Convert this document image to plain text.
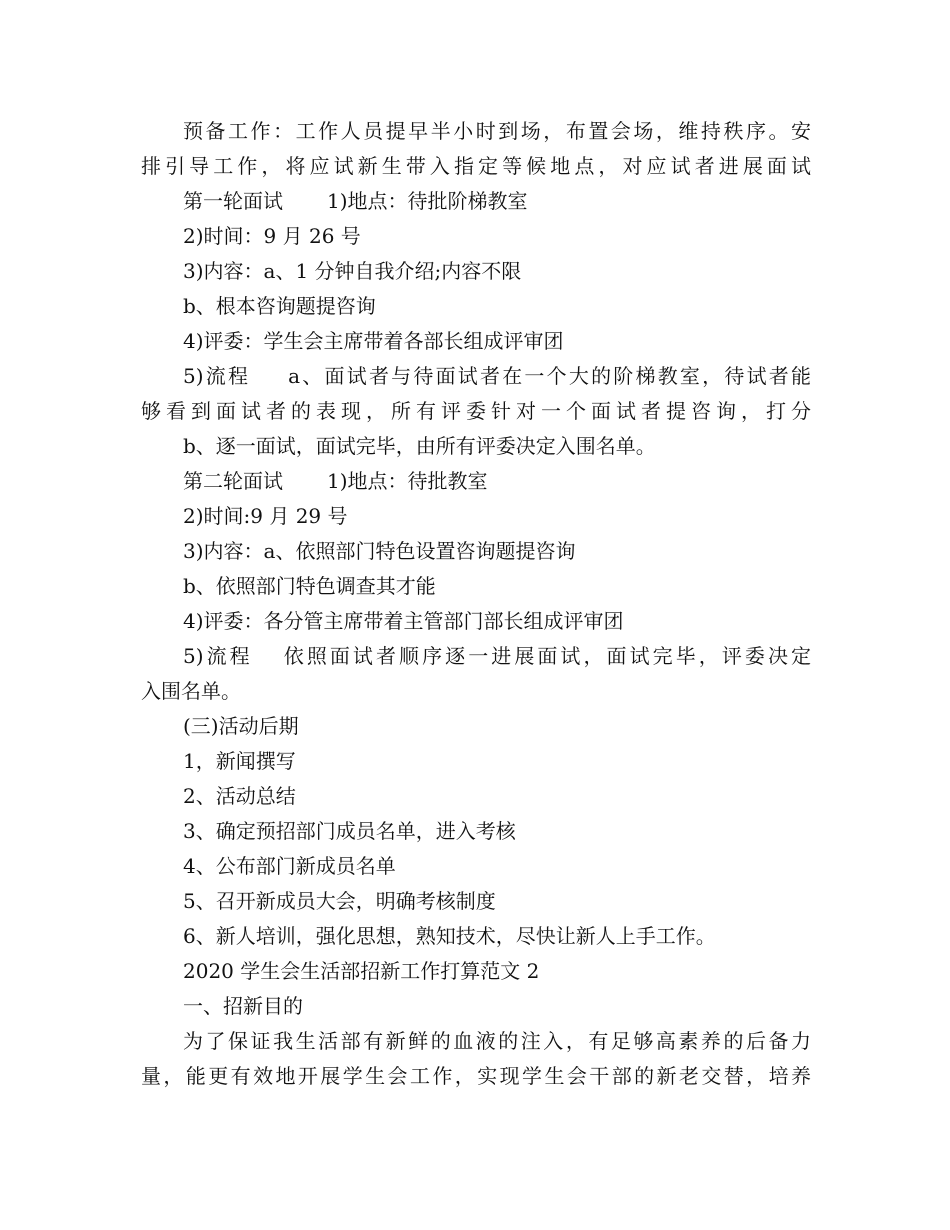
预备工作：工作人员提早半小时到场，布置会场，维持秩序。安
排引导工作，将应试新生带入指定等候地点，对应试者进展面试
第一轮面试 1)地点：待批阶梯教室
2)时间：9 月 26 号
3)内容：a、1 分钟自我介绍;内容不限
b、根本咨询题提咨询
4)评委：学生会主席带着各部长组成评审团
5)流程 a、面试者与待面试者在一个大的阶梯教室，待试者能
够看到面试者的表现，所有评委针对一个面试者提咨询，打分
b、逐一面试，面试完毕，由所有评委决定入围名单。
第二轮面试 1)地点：待批教室
2)时间:9 月 29 号
3)内容：a、依照部门特色设置咨询题提咨询
b、依照部门特色调查其才能
4)评委：各分管主席带着主管部门部长组成评审团
5)流程 依照面试者顺序逐一进展面试，面试完毕，评委决定
入围名单。
(三)活动后期
1，新闻撰写
2、活动总结
3、确定预招部门成员名单，进入考核
4、公布部门新成员名单
5、召开新成员大会，明确考核制度
6、新人培训，强化思想，熟知技术，尽快让新人上手工作。
2020 学生会生活部招新工作打算范文 2
一、招新目的
为了保证我生活部有新鲜的血液的注入，有足够高素养的后备力
量，能更有效地开展学生会工作，实现学生会干部的新老交替，培养
